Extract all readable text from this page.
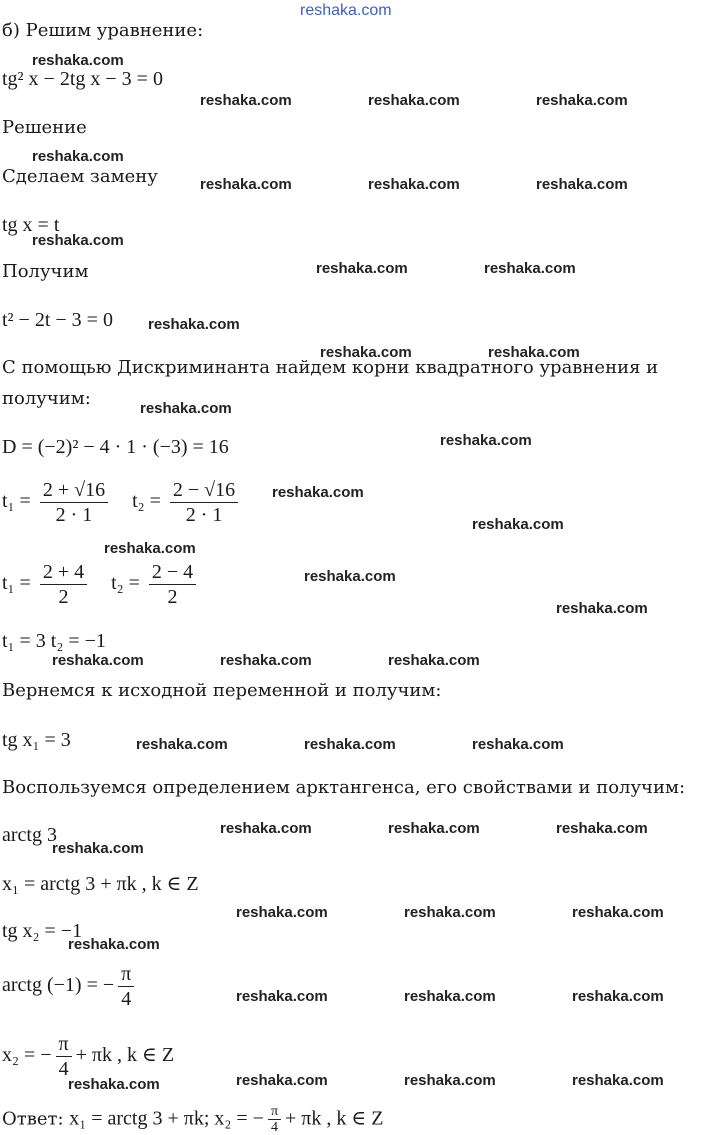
reshaka.com
б) Решим уравнение:
tg² x − 2tg x − 3 = 0
Решение
Сделаем замену
tg x = t
Получим
t² − 2t − 3 = 0
С помощью Дискриминанта найдем корни квадратного уравнения и
получим:
D = (−2)² − 4 · 1 · (−3) = 16
$t_1 = \frac{2 + √16}{2 \cdot 1} t_2 = \frac{2 - √16}{2 \cdot 1}$
$t_1 = \frac{2 + 4}{2} t_2 = \frac{2 - 4}{2}$
t₁ = 3 t₂ = −1
Вернемся к исходной переменной и получим:
tg x₁ = 3
Воспользуемся определением арктангенса, его свойствами и получим:
arctg 3
x₁ = arctg 3 + πk , k ∈ Z
tg x₂ = −1
arctg (−1) = − $\frac{\pi}{4}$
x₂ = − $\frac{\pi}{4} + \pi k$ , k ∈ Z
Ответ: x₁ = arctg 3 + πk; x₂ = − $\frac{\pi}{4} + \pi k$ , k ∈ Z
reshaka.com
reshaka.com	reshaka.com	reshaka.com
reshaka.com
reshaka.com	reshaka.com	reshaka.com
reshaka.com
reshaka.com	reshaka.com
reshaka.com
reshaka.com	reshaka.com
reshaka.com
reshaka.com
reshaka.com
reshaka.com
reshaka.com
reshaka.com
reshaka.com
reshaka.com	reshaka.com	reshaka.com
reshaka.com	reshaka.com	reshaka.com
reshaka.com	reshaka.com	reshaka.com
reshaka.com
reshaka.com	reshaka.com	reshaka.com
reshaka.com
reshaka.com	reshaka.com	reshaka.com
reshaka.com	reshaka.com	reshaka.com
reshaka.com
